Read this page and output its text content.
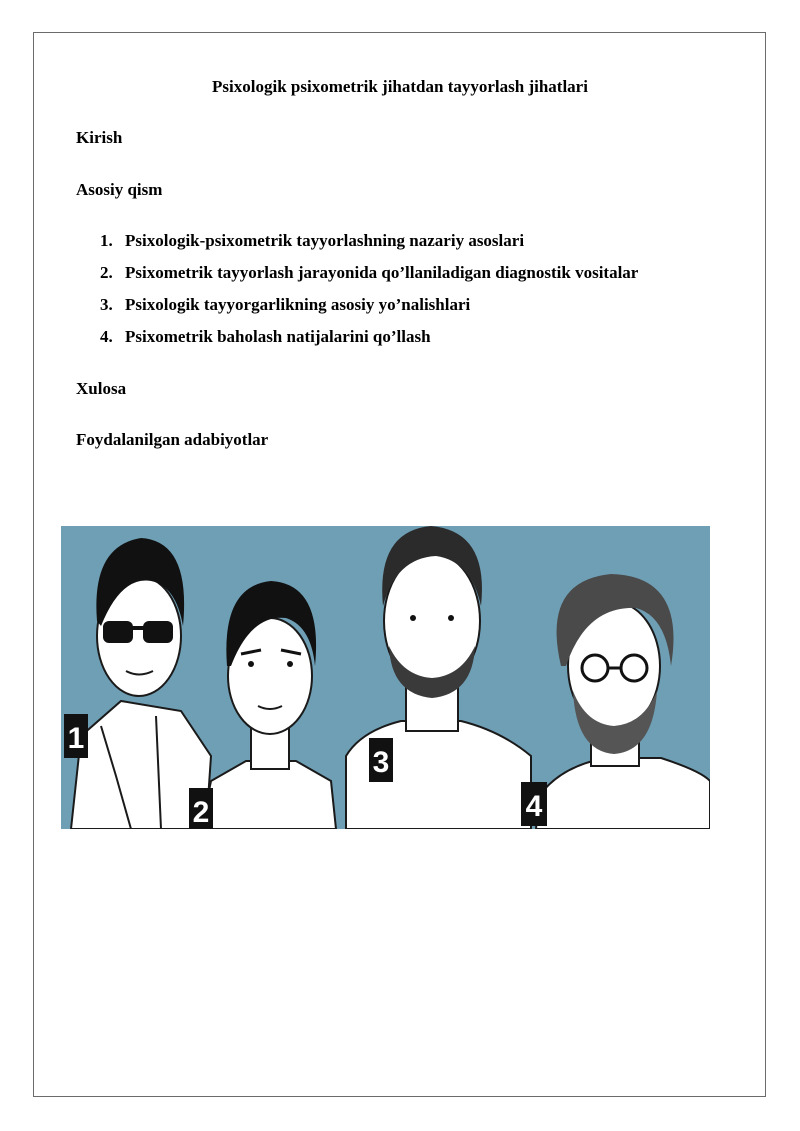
Psixologik psixometrik jihatdan tayyorlash jihatlari
Kirish
Asosiy qism
1. Psixologik-psixometrik tayyorlashning nazariy asoslari
2. Psixometrik tayyorlash jarayonida qo’llaniladigan diagnostik vositalar
3. Psixologik tayyorgarlikning asosiy yo’nalishlari
4. Psixometrik baholash natijalarini qo’llash
Xulosa
Foydalanilgan adabiyotlar
1
2
3
4
